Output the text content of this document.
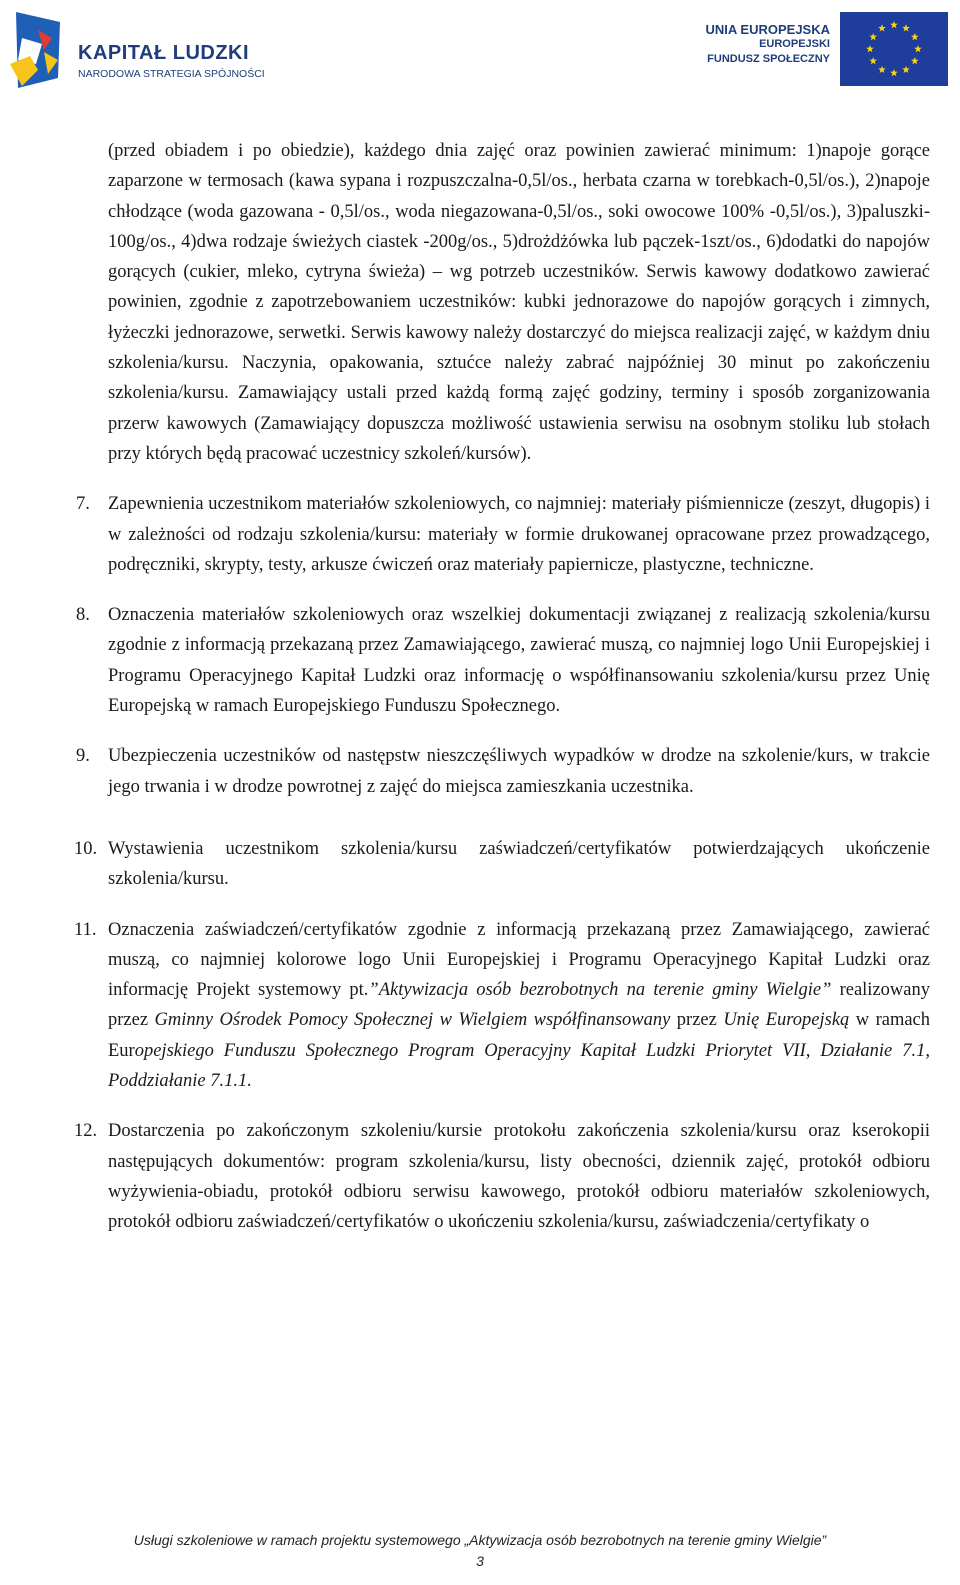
KAPITAŁ LUDZKI
NARODOWA STRATEGIA SPÓJNOŚCI
UNIA EUROPEJSKA
EUROPEJSKI
FUNDUSZ SPOŁECZNY

(przed obiadem i po obiedzie), każdego dnia zajęć oraz powinien zawierać minimum: 1)napoje gorące zaparzone w termosach (kawa sypana i rozpuszczalna-0,5l/os., herbata czarna w torebkach-0,5l/os.), 2)napoje chłodzące (woda gazowana - 0,5l/os., woda niegazowana-0,5l/os., soki owocowe 100% -0,5l/os.), 3)paluszki-100g/os., 4)dwa rodzaje świeżych ciastek -200g/os., 5)drożdżówka lub pączek-1szt/os., 6)dodatki do napojów gorących (cukier, mleko, cytryna świeża) – wg potrzeb uczestników. Serwis kawowy dodatkowo zawierać powinien, zgodnie z zapotrzebowaniem uczestników: kubki jednorazowe do napojów gorących i zimnych, łyżeczki jednorazowe, serwetki. Serwis kawowy należy dostarczyć do miejsca realizacji zajęć, w każdym dniu szkolenia/kursu. Naczynia, opakowania, sztućce należy zabrać najpóźniej 30 minut po zakończeniu szkolenia/kursu. Zamawiający ustali przed każdą formą zajęć godziny, terminy i sposób zorganizowania przerw kawowych (Zamawiający dopuszcza możliwość ustawienia serwisu na osobnym stoliku lub stołach przy których będą pracować uczestnicy szkoleń/kursów).

7. Zapewnienia uczestnikom materiałów szkoleniowych, co najmniej: materiały piśmiennicze (zeszyt, długopis) i w zależności od rodzaju szkolenia/kursu: materiały w formie drukowanej opracowane przez prowadzącego, podręczniki, skrypty, testy, arkusze ćwiczeń oraz materiały papiernicze, plastyczne, techniczne.

8. Oznaczenia materiałów szkoleniowych oraz wszelkiej dokumentacji związanej z realizacją szkolenia/kursu zgodnie z informacją przekazaną przez Zamawiającego, zawierać muszą, co najmniej logo Unii Europejskiej i Programu Operacyjnego Kapitał Ludzki oraz informację o współfinansowaniu szkolenia/kursu przez Unię Europejską w ramach Europejskiego Funduszu Społecznego.

9. Ubezpieczenia uczestników od następstw nieszczęśliwych wypadków w drodze na szkolenie/kurs, w trakcie jego trwania i w drodze powrotnej z zajęć do miejsca zamieszkania uczestnika.

10. Wystawienia uczestnikom szkolenia/kursu zaświadczeń/certyfikatów potwierdzających ukończenie szkolenia/kursu.

11. Oznaczenia zaświadczeń/certyfikatów zgodnie z informacją przekazaną przez Zamawiającego, zawierać muszą, co najmniej kolorowe logo Unii Europejskiej i Programu Operacyjnego Kapitał Ludzki oraz informację Projekt systemowy pt.”Aktywizacja osób bezrobotnych na terenie gminy Wielgie” realizowany przez Gminny Ośrodek Pomocy Społecznej w Wielgiem współfinansowany przez Unię Europejską w ramach Europejskiego Funduszu Społecznego Program Operacyjny Kapitał Ludzki Priorytet VII, Działanie 7.1, Poddziałanie 7.1.1.

12. Dostarczenia po zakończonym szkoleniu/kursie protokołu zakończenia szkolenia/kursu oraz kserokopii następujących dokumentów: program szkolenia/kursu, listy obecności, dziennik zajęć, protokół odbioru wyżywienia-obiadu, protokół odbioru serwisu kawowego, protokół odbioru materiałów szkoleniowych, protokół odbioru zaświadczeń/certyfikatów o ukończeniu szkolenia/kursu, zaświadczenia/certyfikaty o

Usługi szkoleniowe w ramach projektu systemowego „Aktywizacja osób bezrobotnych na terenie gminy Wielgie”
3
